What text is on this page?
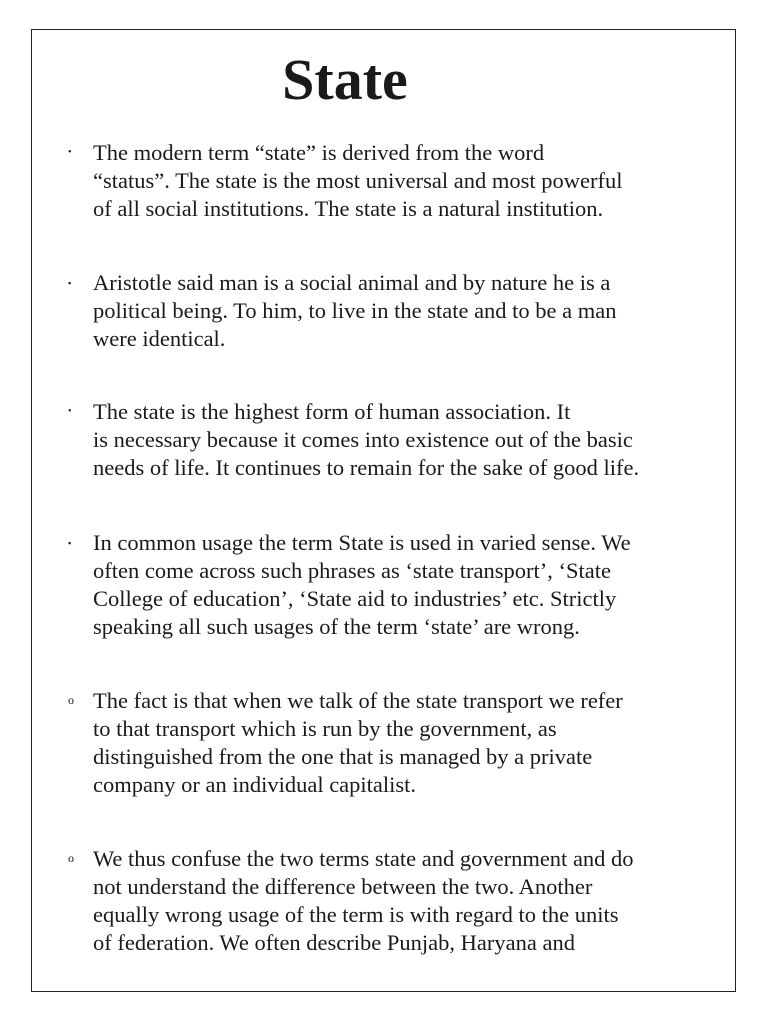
State
• The modern term “state” is derived from the word
“status”. The state is the most universal and most powerful
of all social institutions. The state is a natural institution.

▪ Aristotle said man is a social animal and by nature he is a
political being. To him, to live in the state and to be a man
were identical.

• The state is the highest form of human association. It
is necessary because it comes into existence out of the basic
needs of life. It continues to remain for the sake of good life.

▪ In common usage the term State is used in varied sense. We
often come across such phrases as ‘state transport’, ‘State
College of education’, ‘State aid to industries’ etc. Strictly
speaking all such usages of the term ‘state’ are wrong.

o The fact is that when we talk of the state transport we refer
to that transport which is run by the government, as
distinguished from the one that is managed by a private
company or an individual capitalist.

o We thus confuse the two terms state and government and do
not understand the difference between the two. Another
equally wrong usage of the term is with regard to the units
of federation. We often describe Punjab, Haryana and
